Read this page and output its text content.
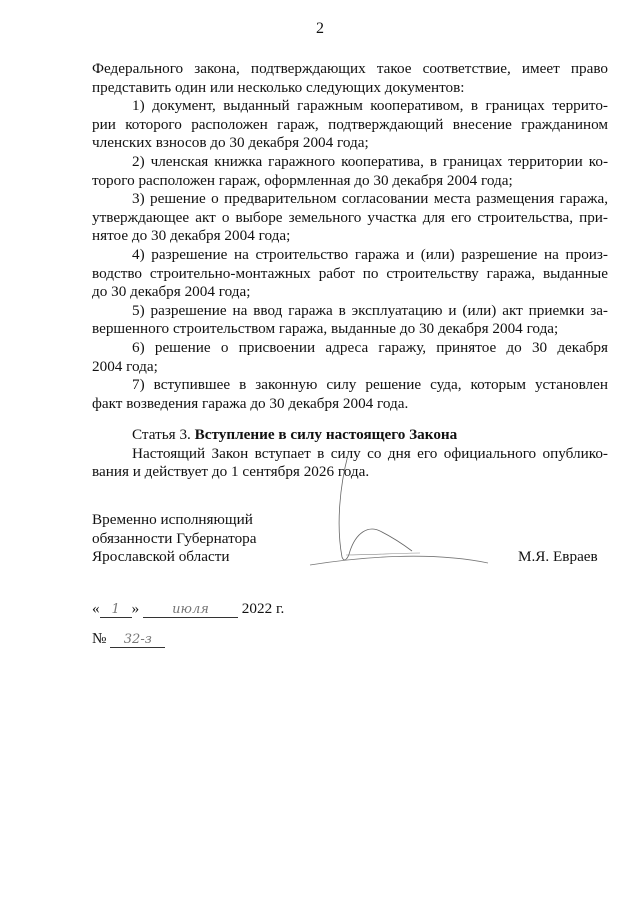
2
Федерального закона, подтверждающих такое соответствие, имеет право
представить один или несколько следующих документов:
1) документ, выданный гаражным кооперативом, в границах террито-
рии которого расположен гараж, подтверждающий внесение гражданином
членских взносов до 30 декабря 2004 года;
2) членская книжка гаражного кооператива, в границах территории ко-
торого расположен гараж, оформленная до 30 декабря 2004 года;
3) решение о предварительном согласовании места размещения гаража,
утверждающее акт о выборе земельного участка для его строительства, при-
нятое до 30 декабря 2004 года;
4) разрешение на строительство гаража и (или) разрешение на произ-
водство строительно-монтажных работ по строительству гаража, выданные
до 30 декабря 2004 года;
5) разрешение на ввод гаража в эксплуатацию и (или) акт приемки за-
вершенного строительством гаража, выданные до 30 декабря 2004 года;
6) решение о присвоении адреса гаражу, принятое до 30 декабря
2004 года;
7) вступившее в законную силу решение суда, которым установлен
факт возведения гаража до 30 декабря 2004 года.
Статья 3. Вступление в силу настоящего Закона
Настоящий Закон вступает в силу со дня его официального опублико-
вания и действует до 1 сентября 2026 года.
Временно исполняющий
обязанности Губернатора
Ярославской области	М.Я. Евраев
« 1 »	июля 2022 г.
№ 32-з
